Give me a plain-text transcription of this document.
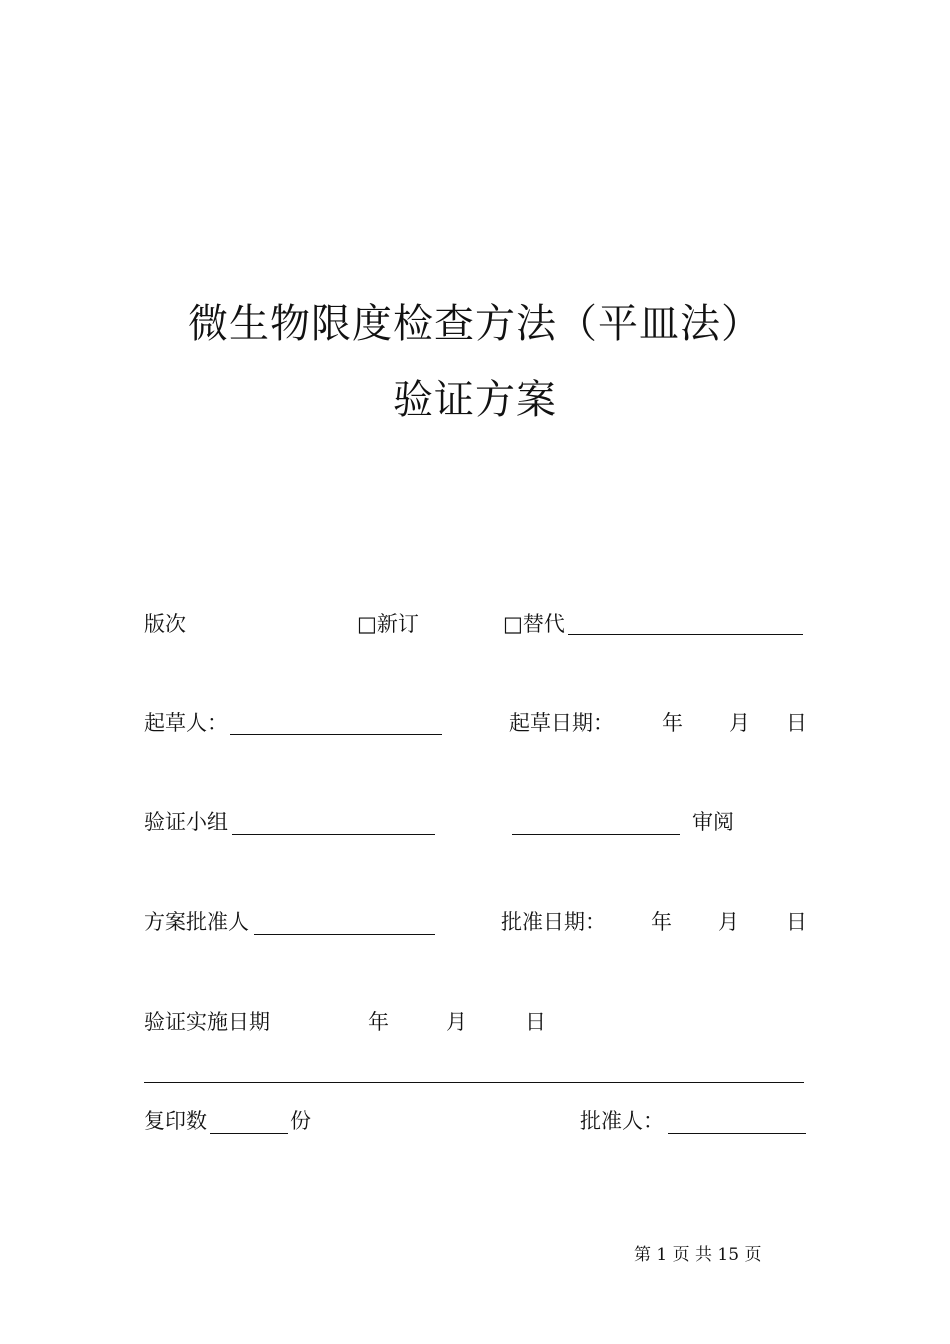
微生物限度检查方法（平皿法）
验证方案
版次	□新订	□替代
起草人：	起草日期： 年 月 日
验证小组	审阅
方案批准人	批准日期： 年 月 日
验证实施日期	年	月	日
复印数	份	批准人：
第 1 页 共 15 页
